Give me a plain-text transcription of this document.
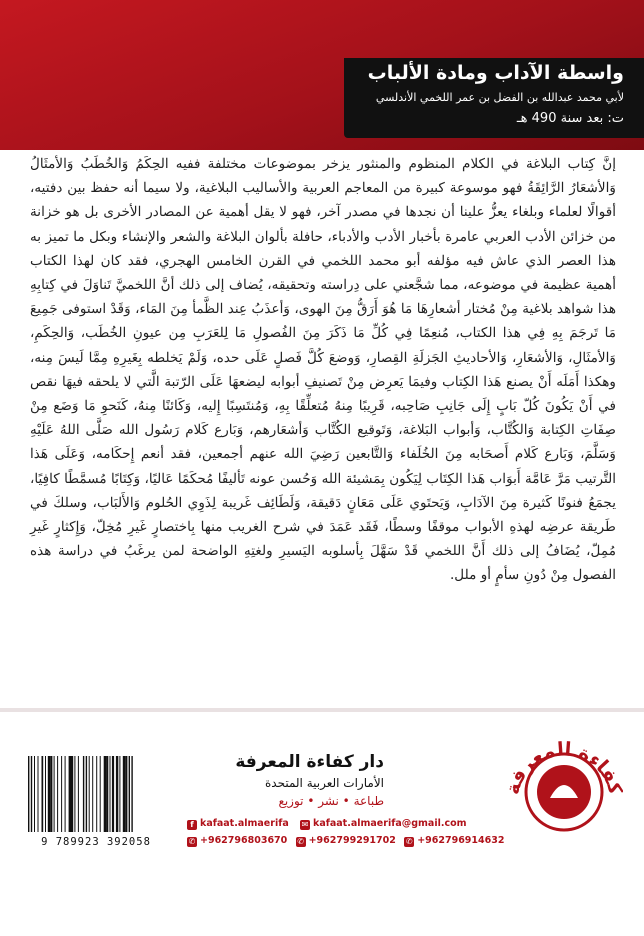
واسطة الآداب ومادة الألباب
لأبي محمد عبدالله بن الفضل بن عمر اللخمي الأندلسي
ت: بعد سنة 490 هـ
إنَّ كِتاب البلاغة في الكلام المنظوم والمنثور يزخر بموضوعات مختلفة ففيه الحِكَمُ وَالخُطَبُ وَالأمثَالُ وَالأشعَارُ الرَّائِقَةُ فهو موسوعة كبيرة من المعاجم العربية والأساليب البلاغية، ولا سيما أنه حفظ بين دفتيه، أقوالًا لعلماء وبلغاء يعزُّ علينا أن نجدها في مصدر آخر، فهو لا يقل أهمية عن المصادر الأخرى بل هو خزانة من خزائن الأدب العربي عامرة بأخبار الأدب والأدباء، حافلة بألوان البلاغة والشعر والإنشاء وبكل ما تميز به هذا العصر الذي عاش فيه مؤلفه أبو محمد اللخمي في القرن الخامس الهجري، فقد كان لهذا الكتاب أهمية عظيمة في موضوعه، مما شجَّعني على دِراسته وتحقيقه، يُضاف إلى ذلك أنَّ اللخميَّ تَناوَلَ في كِتابِهِ هذا شواهد بلاغية مِنْ مُختار أشعارِهَا مَا هُوَ أَرَقُّ مِنَ الهوى، وَأعذَبُ عِند الظَّمأ مِنَ المَاء، وَقَدْ استوفى جَمِيعَ مَا تَرجَمَ بِهِ فِي هذا الكتاب، مُنعِمًا فِي كُلِّ مَا ذَكَرَ مِنَ الفُصولِ مَا لِلعَرَبِ مِن عيونِ الخُطَب، وَالحِكَمِ، وَالأمثَالِ، وَالأشعَارِ، وَالأحاديثِ الجَزلَةِ القِصارِ، وَوضعَ كُلَّ فَصلٍ عَلَى حده، وَلَمْ يَخلطه بِغَيرِهِ مِمَّا لَيسَ مِنه، وهكذا أَمَلَه أَنْ يصنع هَذا الكِتاب وفيمَا يَعرِض مِنْ تَصنيفِ أبوابه ليضعهَا عَلَى الرّتبة الَّتي لا يلحقه فيهَا نقص في أَنْ يَكُونَ كُلّ بَابٍ إِلَى جَانِبِ صَاحِبه، قَرِيبًا مِنهُ مُتعلِّقًا بِهِ، وَمُنتَسِبًا إِليه، وَكَائنًا مِنهُ، كَنَحوِ مَا وَضَع مِنْ صِفَاتِ الكِتابة وَالكُتَّاب، وَأبواب البَلاغة، وَتَوقيع الكُتَّاب وَأشعَارهم، وَبَارع كَلام رَسُول الله صَلَّى اللهُ عَلَيْهِ وَسَلَّمَ، وَبَارع كَلام أَصحَابه مِنَ الخُلَفاء وَالتَّابعين رَضِيَ الله عنهم أجمعين، فقد أنعم إِحكَامه، وَعَلَى هَذا التَّرتيب مَرَّ عَامَّة أَبوَاب هَذا الكِتَاب لِيَكُون بِمَشيئة الله وَحُسن عونه تَأليفًا مُحكَمًا عَاليًا، وَكِتَابًا مُسمَّطًا كافِيًا، يجمَعُ فنونًا كَثيرة مِنَ الآدَابِ، وَيَحتَوي عَلَى مَعَانٍ دَقيقة، وَلَطَائِف غَريبة لِذَوِي الحُلوم وَالأَلبَاب، وسلكَ في طَريقة عرضِه لهذهِ الأبواب موقفًا وسطًا، فَقَد عَمَدَ في شرح الغريب منها بِاختصارٍ غَيرِ مُخِلّ، وَإِكثارٍ غَيرِ مُمِلّ، يُضَافُ إلى ذلك أَنَّ اللخمي قَدْ سَهَّلَ بِأسلوبه اليَسيرِ ولغتِهِ الواضحة لمن يرغَبُ في دراسة هذه الفصول مِنْ دُونِ سأمٍ أو ملل.
9 789923 392058
دار كفاءة المعرفة
الأمارات العربية المتحدة
طباعة • نشر • توزيع
f kafaat.almaerifa ✉ kafaat.almaerifa@gmail.com
✆ +962796803670 ✆ +962799291702 ✆ +962796914632
فاءة المعرف
